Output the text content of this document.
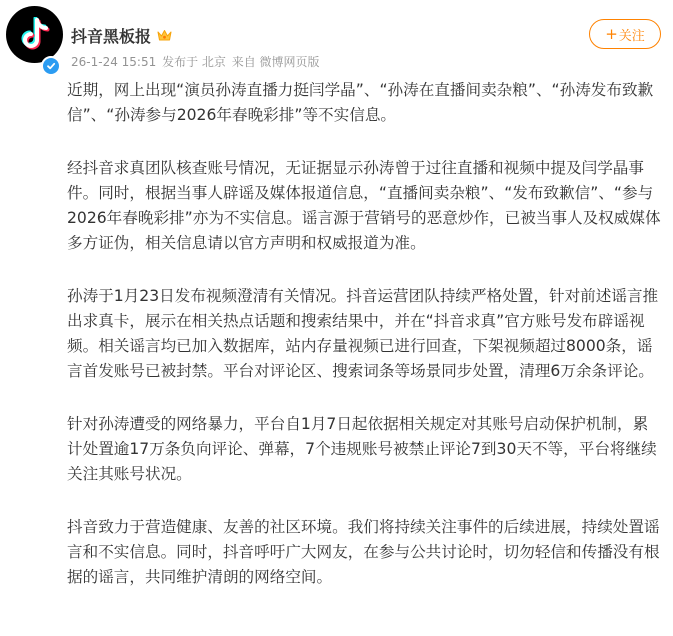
抖音黑板报
26-1-24 15:51 发布于 北京 来自 微博网页版
+ 关注

近期，网上出现“演员孙涛直播力挺闫学晶”、“孙涛在直播间卖杂粮”、“孙涛发布致歉信”、“孙涛参与2026年春晚彩排”等不实信息。

经抖音求真团队核查账号情况，无证据显示孙涛曾于过往直播和视频中提及闫学晶事件。同时，根据当事人辟谣及媒体报道信息，“直播间卖杂粮”、“发布致歉信”、“参与2026年春晚彩排”亦为不实信息。谣言源于营销号的恶意炒作，已被当事人及权威媒体多方证伪，相关信息请以官方声明和权威报道为准。

孙涛于1月23日发布视频澄清有关情况。抖音运营团队持续严格处置，针对前述谣言推出求真卡，展示在相关热点话题和搜索结果中，并在“抖音求真”官方账号发布辟谣视频。相关谣言均已加入数据库，站内存量视频已进行回查，下架视频超过8000条，谣言首发账号已被封禁。平台对评论区、搜索词条等场景同步处置，清理6万余条评论。

针对孙涛遭受的网络暴力，平台自1月7日起依据相关规定对其账号启动保护机制，累计处置逾17万条负向评论、弹幕，7个违规账号被禁止评论7到30天不等，平台将继续关注其账号状况。

抖音致力于营造健康、友善的社区环境。我们将持续关注事件的后续进展，持续处置谣言和不实信息。同时，抖音呼吁广大网友，在参与公共讨论时，切勿轻信和传播没有根据的谣言，共同维护清朗的网络空间。
